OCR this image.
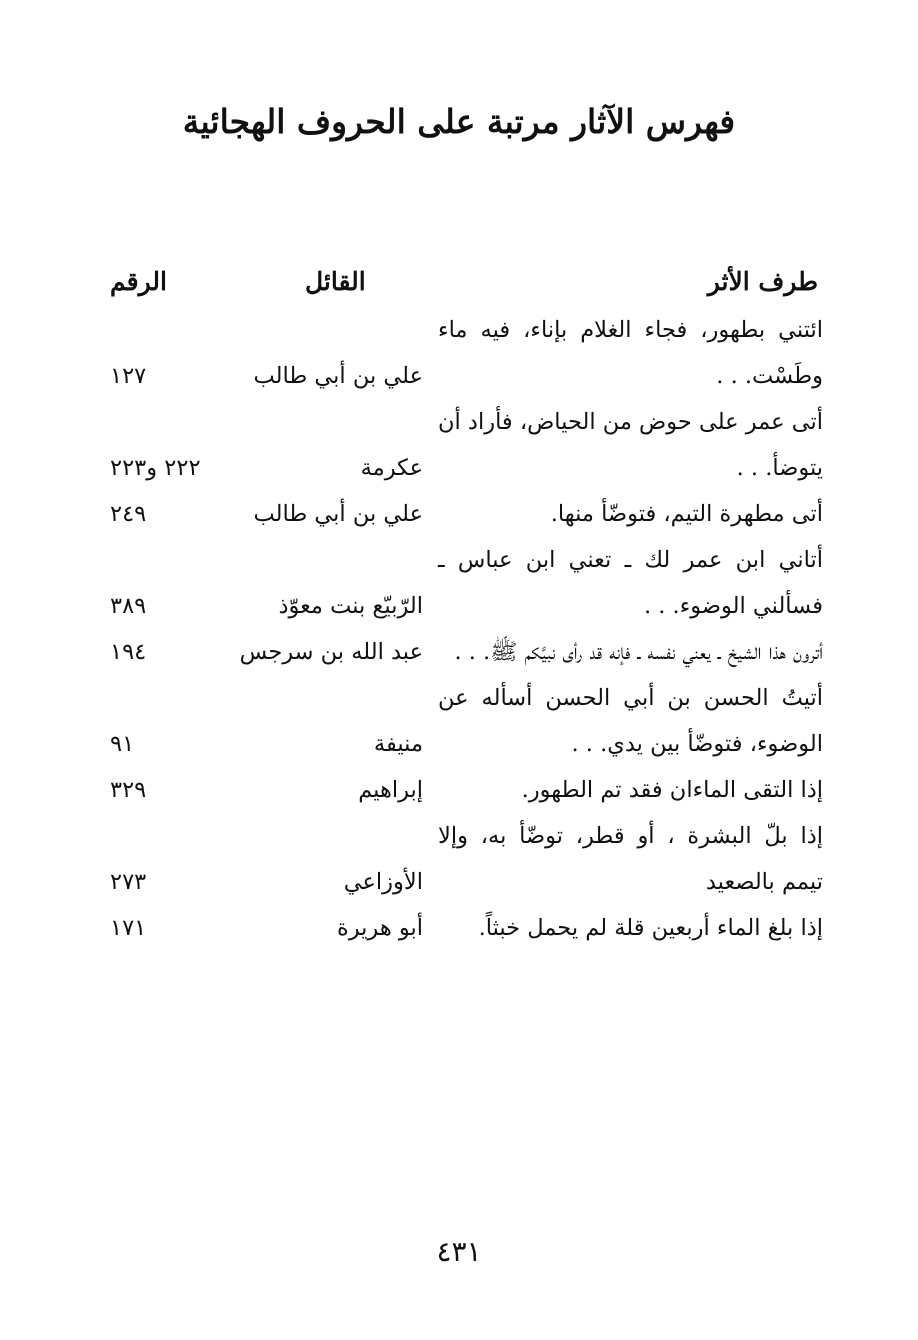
فهرس الآثار مرتبة على الحروف الهجائية
طرف الأثر
القائل
الرقم
ائتني بطهور، فجاء الغلام بإناء، فيه ماء وطَسْت. . .
علي بن أبي طالب
١٢٧
أتى عمر على حوض من الحياض، فأراد أن يتوضأ. . .
عكرمة
٢٢٢ و٢٢٣
أتى مطهرة التيم، فتوضّأ منها.
علي بن أبي طالب
٢٤٩
أتاني ابن عمر لك ـ تعني ابن عباس ـ فسألني الوضوء. . .
الرّبيّع بنت معوّذ
٣٨٩
أترون هذا الشيخ ـ يعني نفسه ـ فإنه قد رأى نبيَّكم ﷺ. . .
عبد الله بن سرجس
١٩٤
أتيتُ الحسن بن أبي الحسن أسأله عن الوضوء، فتوضّأ بين يدي. . .
منيفة
٩١
إذا التقى الماءان فقد تم الطهور.
إبراهيم
٣٢٩
إذا بلّ البشرة ، أو قطر، توضّأ به، وإلا تيمم بالصعيد
الأوزاعي
٢٧٣
إذا بلغ الماء أربعين قلة لم يحمل خبثاً.
أبو هريرة
١٧١
٤٣١
